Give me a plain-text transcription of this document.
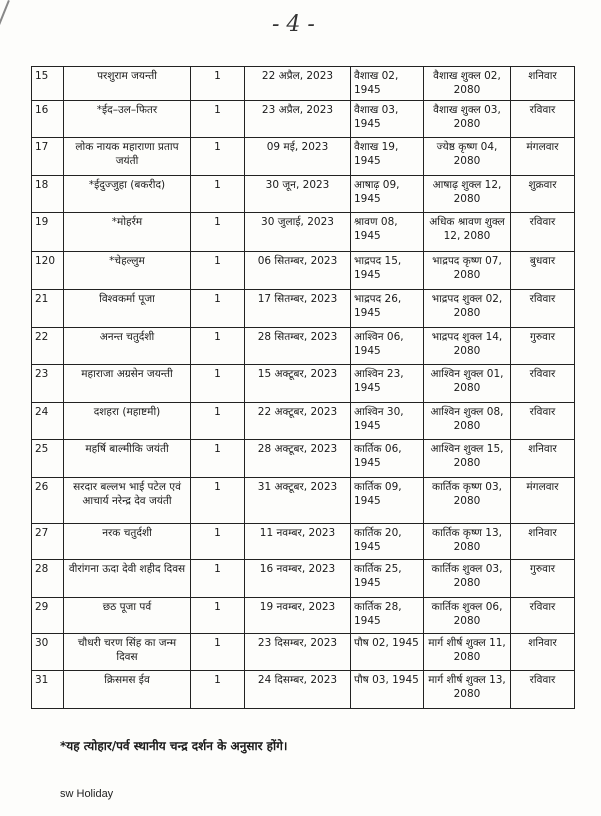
- 4 -
15	परशुराम जयन्ती	1	22 अप्रैल, 2023	वैशाख 02, 1945	वैशाख शुक्ल 02, 2080	शनिवार
16	*ईद–उल–फितर	1	23 अप्रैल, 2023	वैशाख 03, 1945	वैशाख शुक्ल 03, 2080	रविवार
17	लोक नायक महाराणा प्रताप जयंती	1	09 मई, 2023	वैशाख 19, 1945	ज्येष्ठ कृष्ण 04, 2080	मंगलवार
18	*ईदुज्जुहा (बकरीद)	1	30 जून, 2023	आषाढ़ 09, 1945	आषाढ़ शुक्ल 12, 2080	शुक्रवार
19	*मोहर्रम	1	30 जुलाई, 2023	श्रावण 08, 1945	अधिक श्रावण शुक्ल 12, 2080	रविवार
120	*चेहल्लुम	1	06 सितम्बर, 2023	भाद्रपद 15, 1945	भाद्रपद कृष्ण 07, 2080	बुधवार
21	विश्वकर्मा पूजा	1	17 सितम्बर, 2023	भाद्रपद 26, 1945	भाद्रपद शुक्ल 02, 2080	रविवार
22	अनन्त चतुर्दशी	1	28 सितम्बर, 2023	आश्विन 06, 1945	भाद्रपद शुक्ल 14, 2080	गुरुवार
23	महाराजा अग्रसेन जयन्ती	1	15 अक्टूबर, 2023	आश्विन 23, 1945	आश्विन शुक्ल 01, 2080	रविवार
24	दशहरा (महाष्टमी)	1	22 अक्टूबर, 2023	आश्विन 30, 1945	आश्विन शुक्ल 08, 2080	रविवार
25	महर्षि बाल्मीकि जयंती	1	28 अक्टूबर, 2023	कार्तिक 06, 1945	आश्विन शुक्ल 15, 2080	शनिवार
26	सरदार बल्लभ भाई पटेल एवं आचार्य नरेन्द्र देव जयंती	1	31 अक्टूबर, 2023	कार्तिक 09, 1945	कार्तिक कृष्ण 03, 2080	मंगलवार
27	नरक चतुर्दशी	1	11 नवम्बर, 2023	कार्तिक 20, 1945	कार्तिक कृष्ण 13, 2080	शनिवार
28	वीरांगना ऊदा देवी शहीद दिवस	1	16 नवम्बर, 2023	कार्तिक 25, 1945	कार्तिक शुक्ल 03, 2080	गुरुवार
29	छठ पूजा पर्व	1	19 नवम्बर, 2023	कार्तिक 28, 1945	कार्तिक शुक्ल 06, 2080	रविवार
30	चौधरी चरण सिंह का जन्म दिवस	1	23 दिसम्बर, 2023	पौष 02, 1945	मार्ग शीर्ष शुक्ल 11, 2080	शनिवार
31	क्रिसमस ईव	1	24 दिसम्बर, 2023	पौष 03, 1945	मार्ग शीर्ष शुक्ल 13, 2080	रविवार
*यह त्योहार/पर्व स्थानीय चन्द्र दर्शन के अनुसार होंगे।
sw Holiday
